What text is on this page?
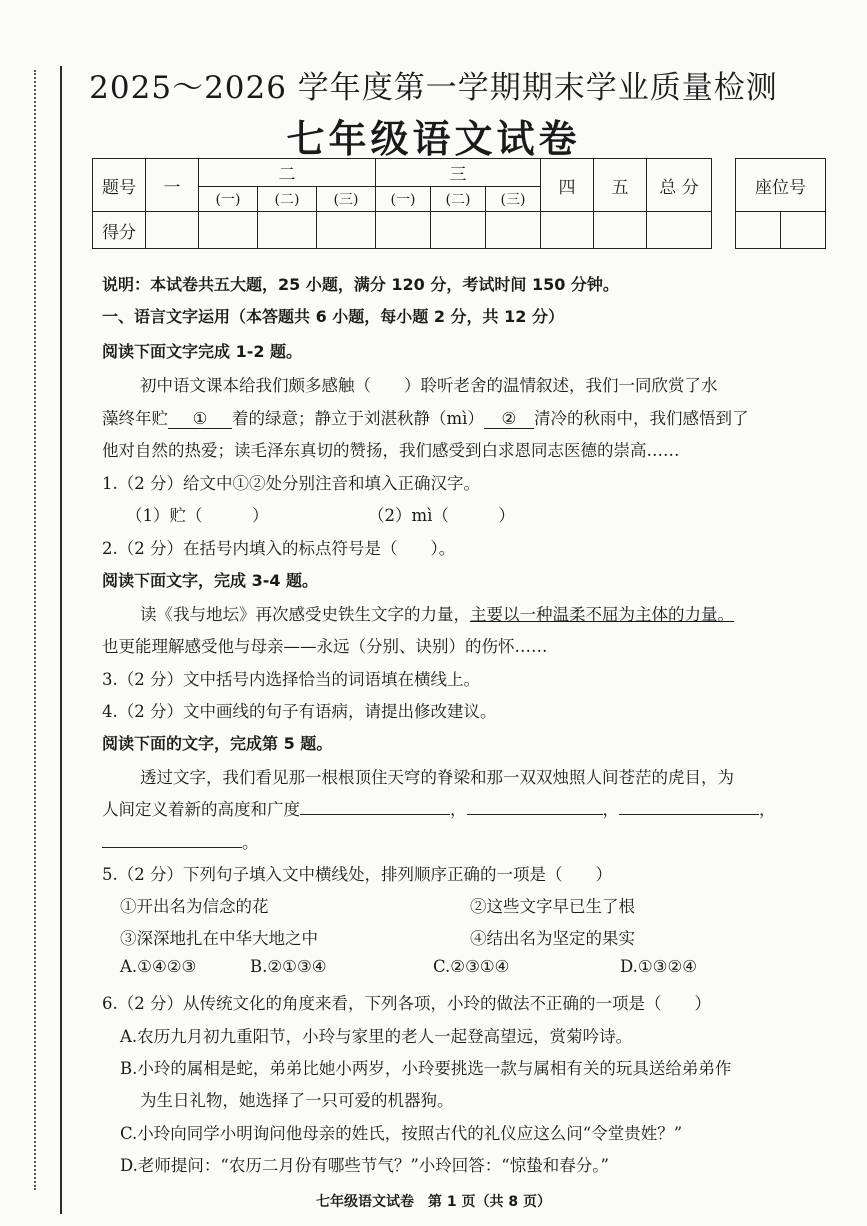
2025～2026 学年度第一学期期末学业质量检测
七年级语文试卷
题号	一	二			三			四	五	总 分
		(一)	(二)	(三)	(一)	(二)	(三)			
得分										
座位号

说明：本试卷共五大题，25 小题，满分 120 分，考试时间 150 分钟。
一、语言文字运用（本答题共 6 小题，每小题 2 分，共 12 分）
阅读下面文字完成 1-2 题。
初中语文课本给我们颇多感触（　　）聆听老舍的温情叙述，我们一同欣赏了水
藻终年贮 ① 着的绿意；静立于刘湛秋静（mì） ② 清冷的秋雨中，我们感悟到了
他对自然的热爱；读毛泽东真切的赞扬，我们感受到白求恩同志医德的崇高……
1.（2 分）给文中①②处分别注音和填入正确汉字。
（1）贮（　　　）	（2）mì（　　　）
2.（2 分）在括号内填入的标点符号是（　　）。
阅读下面文字，完成 3-4 题。
读《我与地坛》再次感受史铁生文字的力量，主要以一种温柔不屈为主体的力量。
也更能理解感受他与母亲——永远（分别、诀别）的伤怀……
3.（2 分）文中括号内选择恰当的词语填在横线上。
4.（2 分）文中画线的句子有语病，请提出修改建议。
阅读下面的文字，完成第 5 题。
透过文字，我们看见那一根根顶住天穹的脊梁和那一双双烛照人间苍茫的虎目，为
人间定义着新的高度和广度	，	，	，
。
5.（2 分）下列句子填入文中横线处，排列顺序正确的一项是（　　）
①开出名为信念的花	②这些文字早已生了根
③深深地扎在中华大地之中	④结出名为坚定的果实
A.①④②③	B.②①③④	C.②③①④	D.①③②④
6.（2 分）从传统文化的角度来看，下列各项，小玲的做法不正确的一项是（　　）
A.农历九月初九重阳节，小玲与家里的老人一起登高望远，赏菊吟诗。
B.小玲的属相是蛇，弟弟比她小两岁，小玲要挑选一款与属相有关的玩具送给弟弟作
为生日礼物，她选择了一只可爱的机器狗。
C.小玲向同学小明询问他母亲的姓氏，按照古代的礼仪应这么问“令堂贵姓？”
D.老师提问：“农历二月份有哪些节气？”小玲回答：“惊蛰和春分。”
七年级语文试卷　第 1 页（共 8 页）
